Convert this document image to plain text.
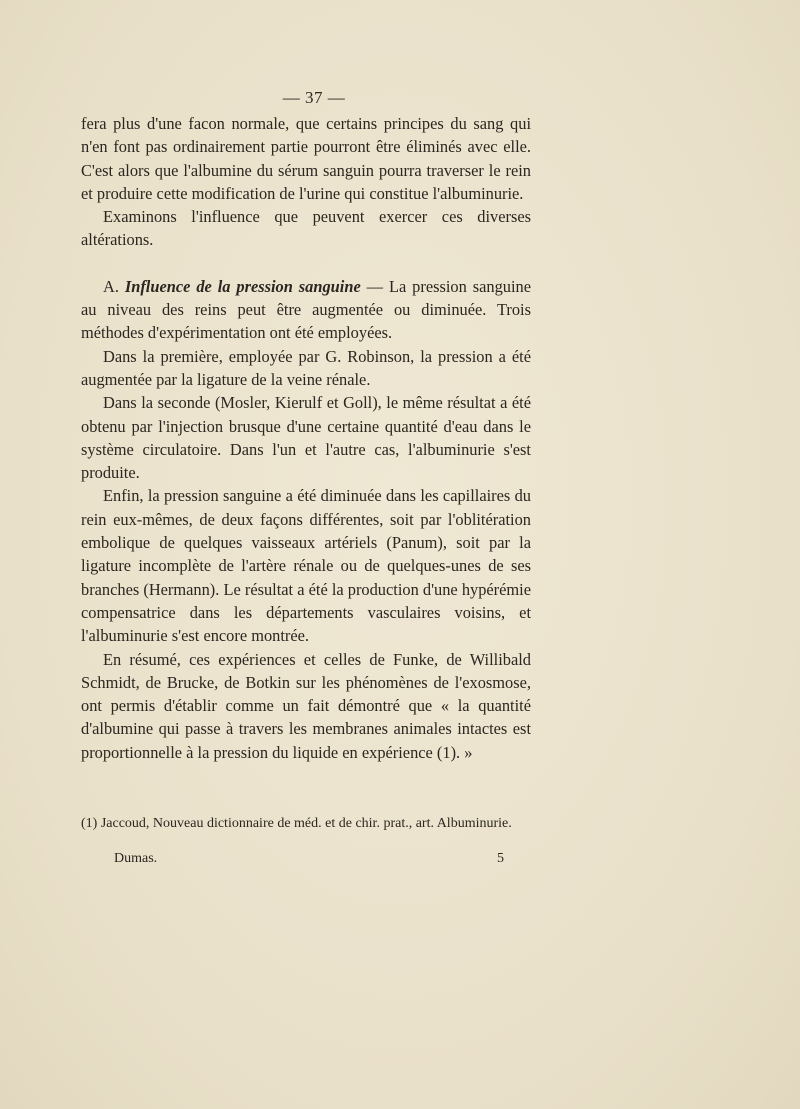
— 37 —

fera plus d'une facon normale, que certains principes du sang qui n'en font pas ordinairement partie pourront être éliminés avec elle. C'est alors que l'albumine du sérum sanguin pourra traverser le rein et produire cette modification de l'urine qui constitue l'albuminurie.

Examinons l'influence que peuvent exercer ces diverses altérations.

A. Influence de la pression sanguine — La pression sanguine au niveau des reins peut être augmentée ou diminuée. Trois méthodes d'expérimentation ont été employées.

Dans la première, employée par G. Robinson, la pression a été augmentée par la ligature de la veine rénale.

Dans la seconde (Mosler, Kierulf et Goll), le même résultat a été obtenu par l'injection brusque d'une certaine quantité d'eau dans le système circulatoire. Dans l'un et l'autre cas, l'albuminurie s'est produite.

Enfin, la pression sanguine a été diminuée dans les capillaires du rein eux-mêmes, de deux façons différentes, soit par l'oblitération embolique de quelques vaisseaux artériels (Panum), soit par la ligature incomplète de l'artère rénale ou de quelques-unes de ses branches (Hermann). Le résultat a été la production d'une hypérémie compensatrice dans les départements vasculaires voisins, et l'albuminurie s'est encore montrée.

En résumé, ces expériences et celles de Funke, de Willibald Schmidt, de Brucke, de Botkin sur les phénomènes de l'exosmose, ont permis d'établir comme un fait démontré que « la quantité d'albumine qui passe à travers les membranes animales intactes est proportionnelle à la pression du liquide en expérience (1). »

(1) Jaccoud, Nouveau dictionnaire de méd. et de chir. prat., art. Albuminurie.

Dumas.	5
